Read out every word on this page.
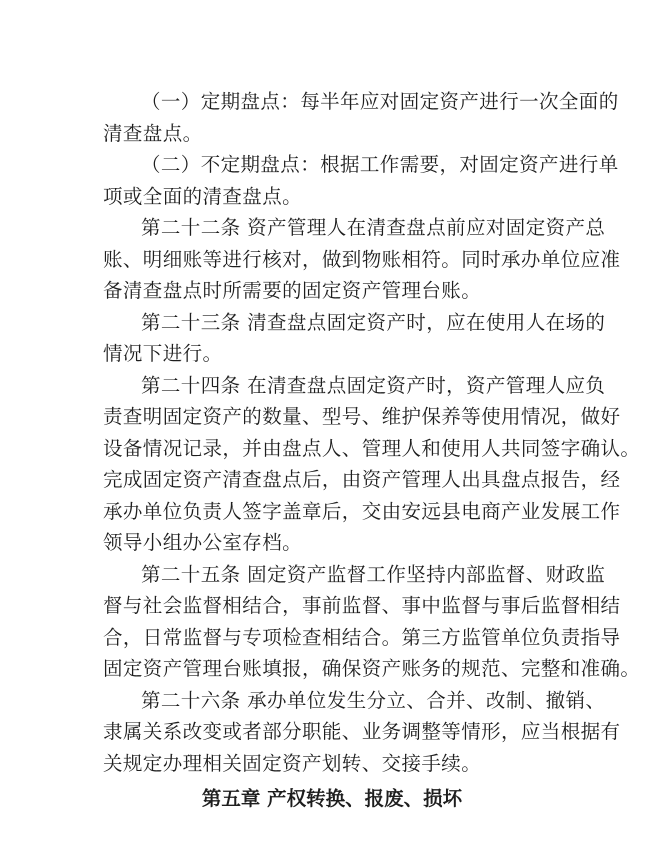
（一）定期盘点：每半年应对固定资产进行一次全面的
清查盘点。
（二）不定期盘点：根据工作需要，对固定资产进行单
项或全面的清查盘点。
第二十二条 资产管理人在清查盘点前应对固定资产总
账、明细账等进行核对，做到物账相符。同时承办单位应准
备清查盘点时所需要的固定资产管理台账。
第二十三条 清查盘点固定资产时，应在使用人在场的
情况下进行。
第二十四条 在清查盘点固定资产时，资产管理人应负
责查明固定资产的数量、型号、维护保养等使用情况，做好
设备情况记录，并由盘点人、管理人和使用人共同签字确认。
完成固定资产清查盘点后，由资产管理人出具盘点报告，经
承办单位负责人签字盖章后，交由安远县电商产业发展工作
领导小组办公室存档。
第二十五条 固定资产监督工作坚持内部监督、财政监
督与社会监督相结合，事前监督、事中监督与事后监督相结
合，日常监督与专项检查相结合。第三方监管单位负责指导
固定资产管理台账填报，确保资产账务的规范、完整和准确。
第二十六条 承办单位发生分立、合并、改制、撤销、
隶属关系改变或者部分职能、业务调整等情形，应当根据有
关规定办理相关固定资产划转、交接手续。
第五章 产权转换、报废、损坏
